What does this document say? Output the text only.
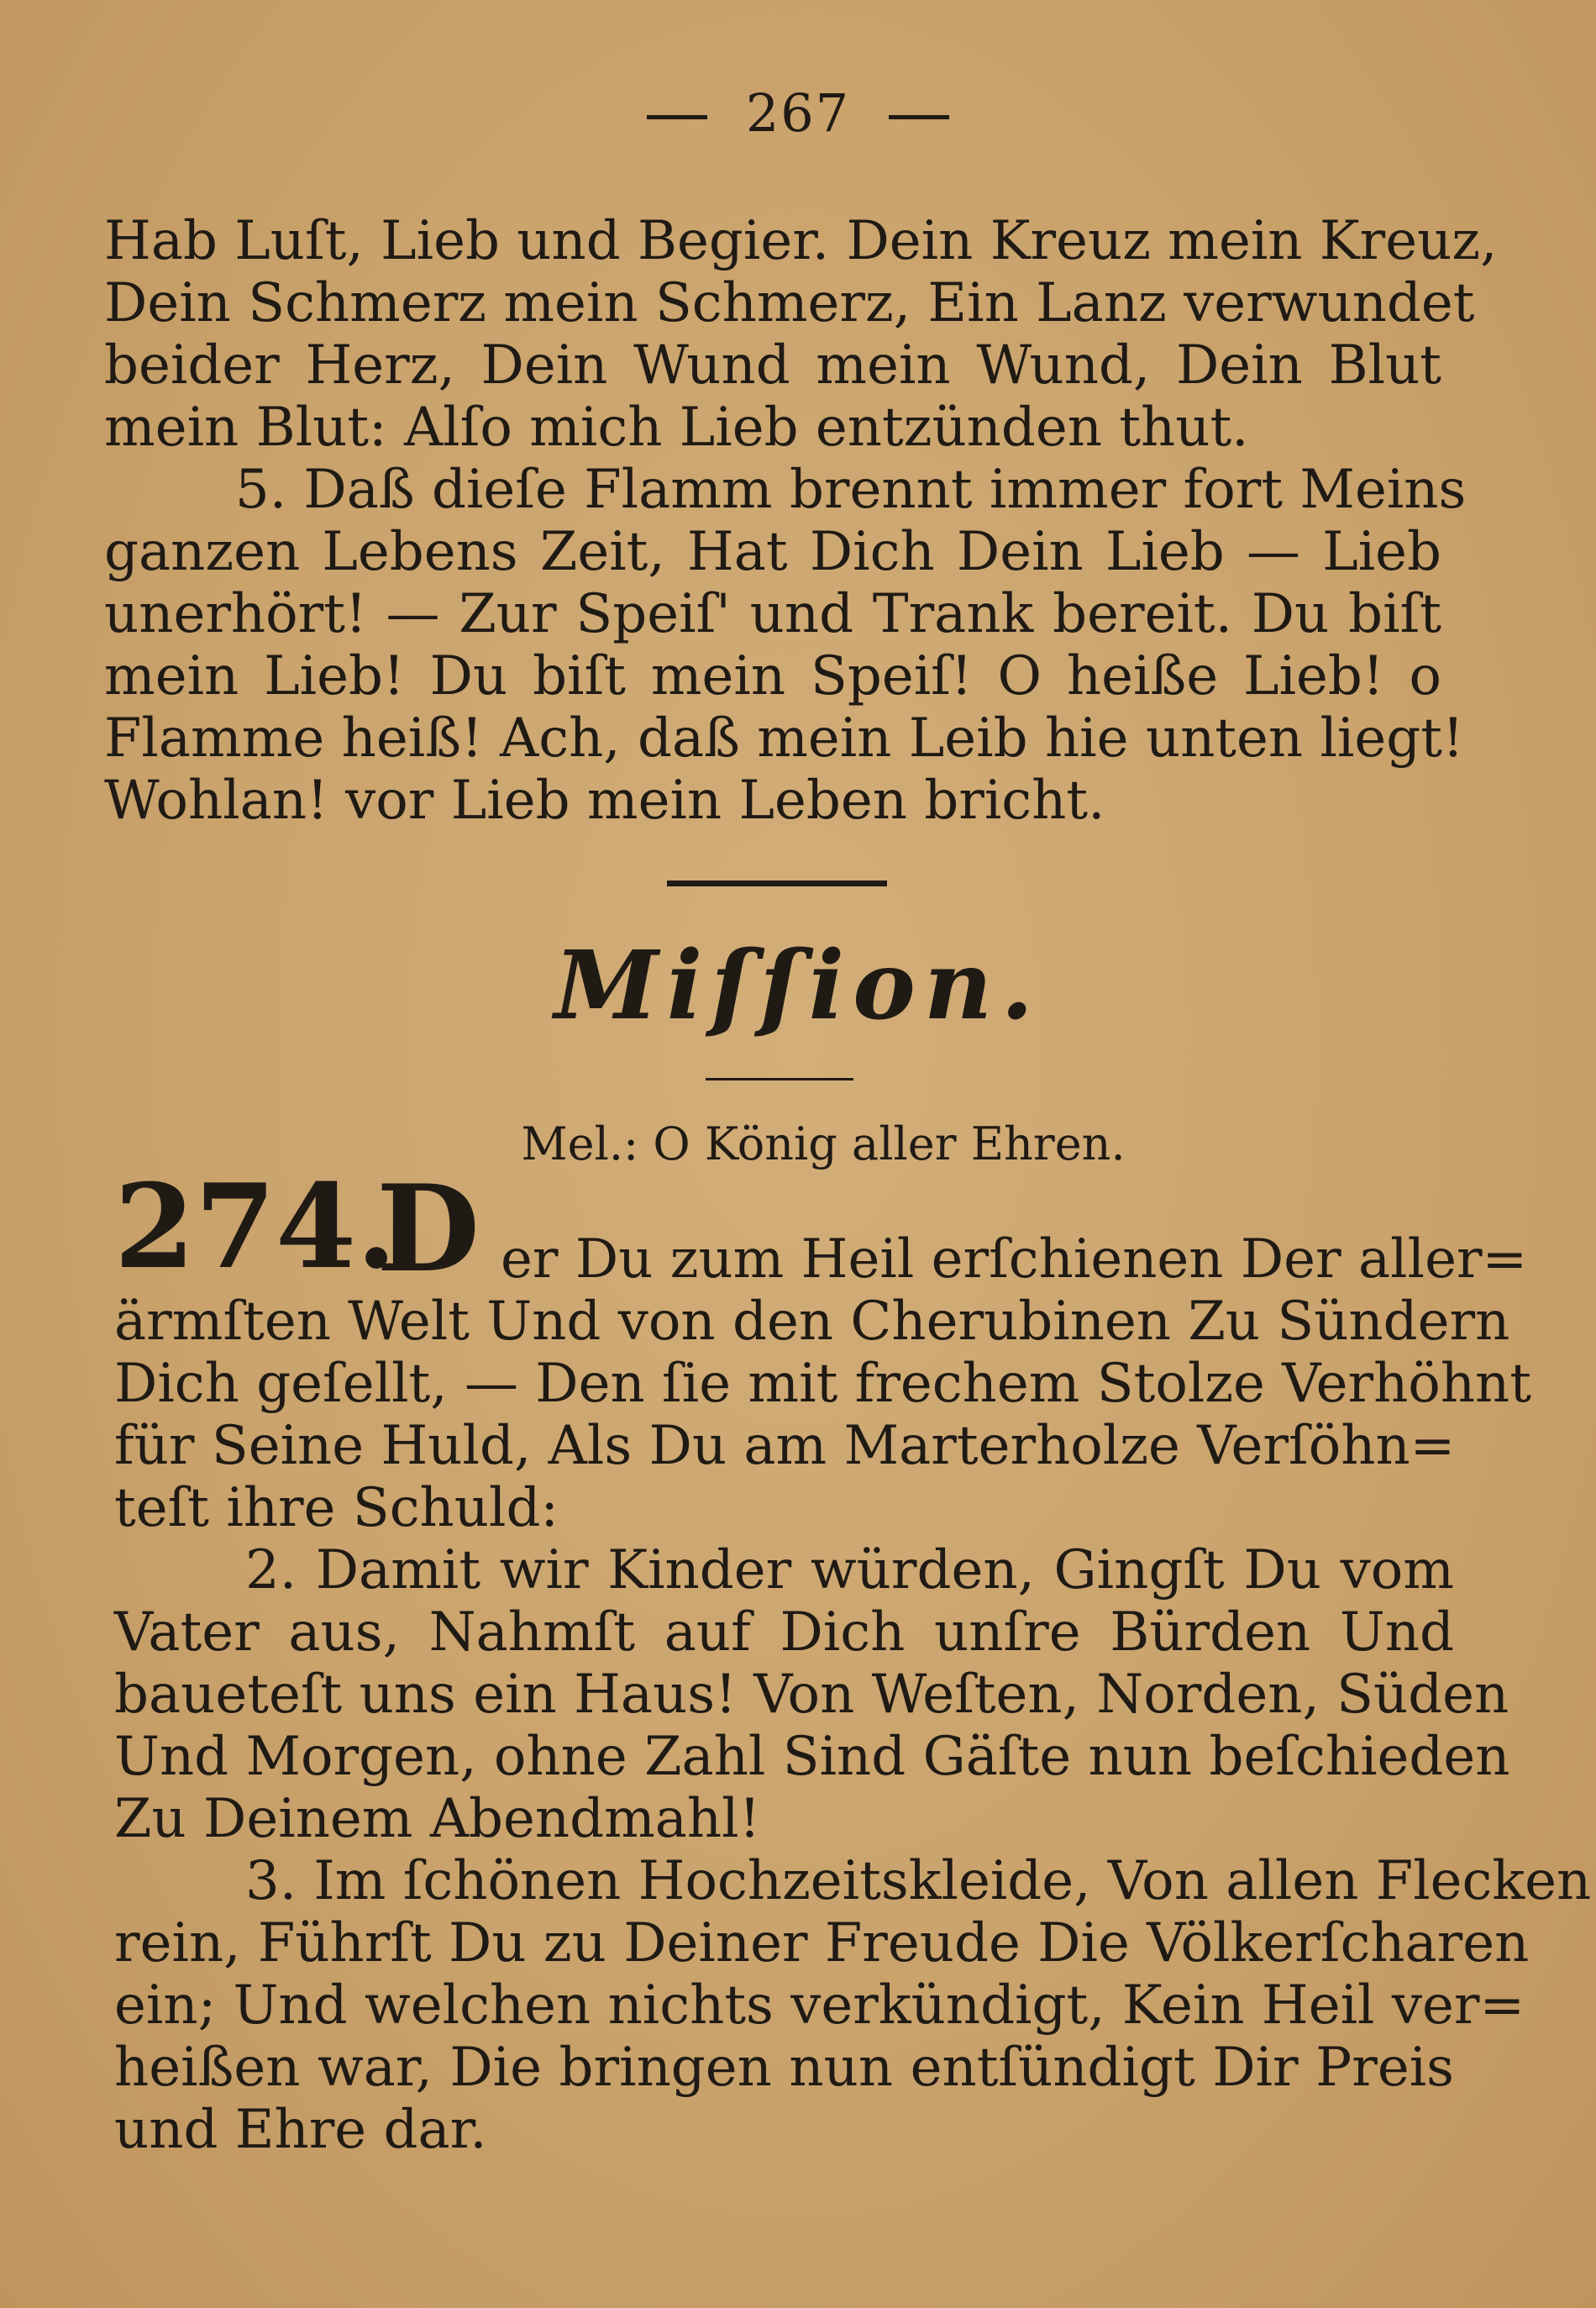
267
Hab Luſt, Lieb und Begier. Dein Kreuz mein Kreuz,
Dein Schmerz mein Schmerz, Ein Lanz verwundet
beider Herz, Dein Wund mein Wund, Dein Blut
mein Blut: Alſo mich Lieb entzünden thut.
5. Daß dieſe Flamm brennt immer fort Meins
ganzen Lebens Zeit, Hat Dich Dein Lieb — Lieb
unerhört! — Zur Speiſ' und Trank bereit. Du biſt
mein Lieb! Du biſt mein Speiſ! O heiße Lieb! o
Flamme heiß! Ach, daß mein Leib hie unten liegt!
Wohlan! vor Lieb mein Leben bricht.
Miſſion.
Mel.: O König aller Ehren.
274.
D er Du zum Heil erſchienen Der aller=
ärmſten Welt Und von den Cherubinen Zu Sündern
Dich geſellt, — Den ſie mit frechem Stolze Verhöhnt
für Seine Huld, Als Du am Marterholze Verſöhn=
teſt ihre Schuld:
2. Damit wir Kinder würden, Gingſt Du vom
Vater aus, Nahmſt auf Dich unſre Bürden Und
baueteſt uns ein Haus! Von Weſten, Norden, Süden
Und Morgen, ohne Zahl Sind Gäſte nun beſchieden
Zu Deinem Abendmahl!
3. Im ſchönen Hochzeitskleide, Von allen Flecken
rein, Führſt Du zu Deiner Freude Die Völkerſcharen
ein; Und welchen nichts verkündigt, Kein Heil ver=
heißen war, Die bringen nun entſündigt Dir Preis
und Ehre dar.
